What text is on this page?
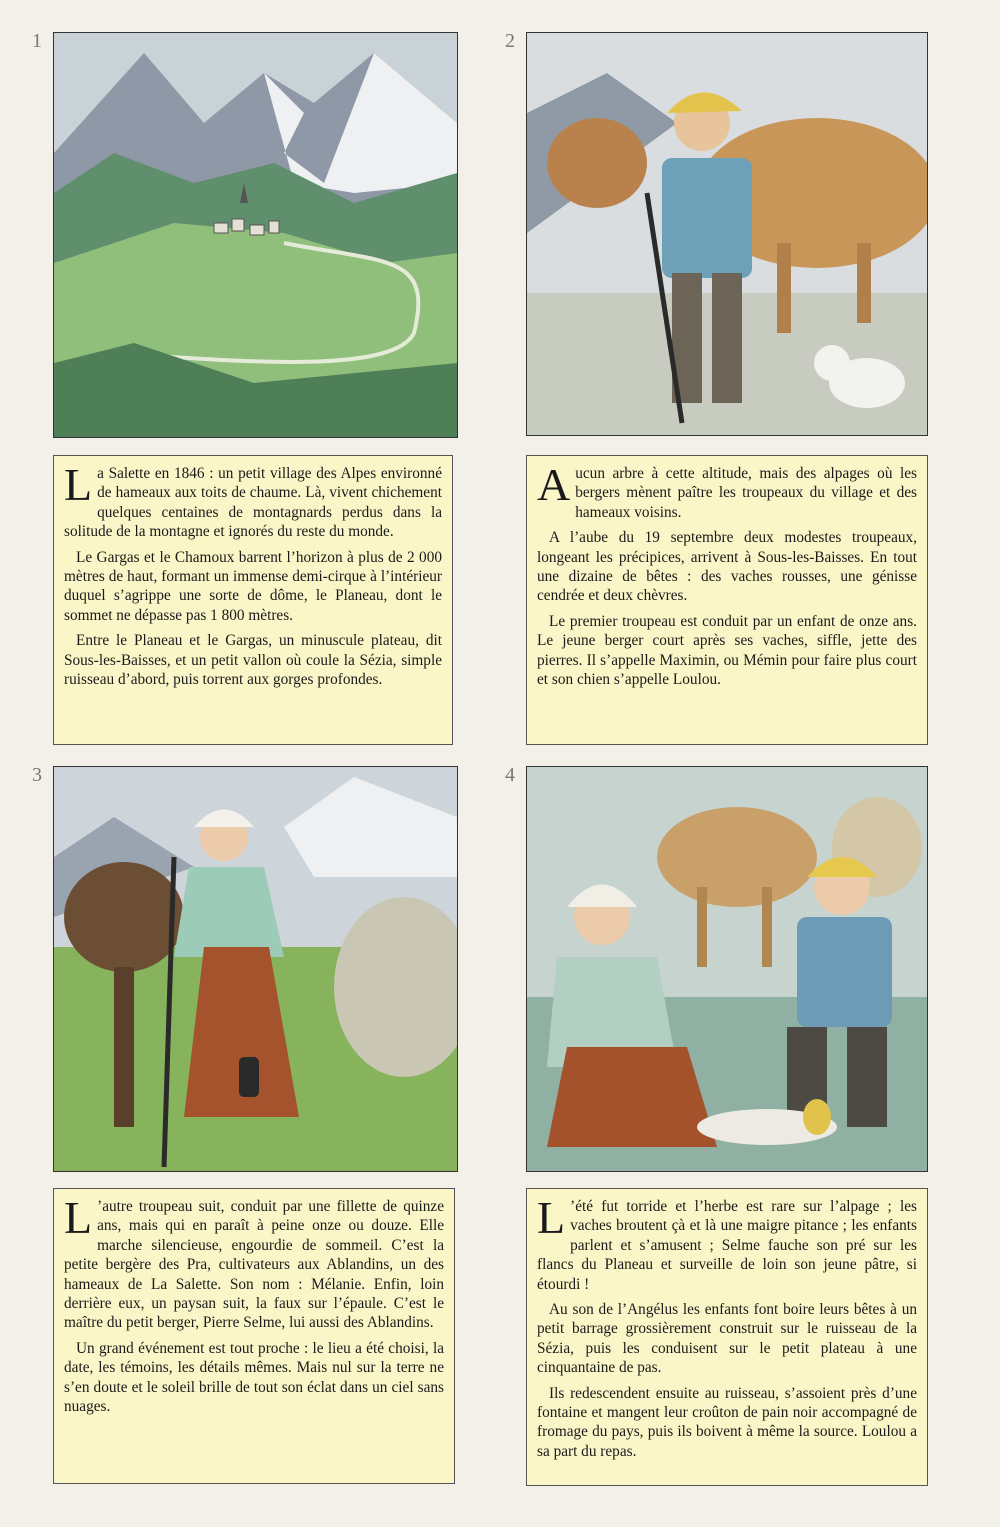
1	2
3	4

La Salette en 1846 : un petit village des Alpes environné de hameaux aux toits de chaume. Là, vivent chichement quelques centaines de montagnards perdus dans la solitude de la montagne et ignorés du reste du monde.

Le Gargas et le Chamoux barrent l’horizon à plus de 2 000 mètres de haut, formant un immense demi-cirque à l’intérieur duquel s’agrippe une sorte de dôme, le Planeau, dont le sommet ne dépasse pas 1 800 mètres.

Entre le Planeau et le Gargas, un minuscule plateau, dit Sous-les-Baisses, et un petit vallon où coule la Sézia, simple ruisseau d’abord, puis torrent aux gorges profondes.

Aucun arbre à cette altitude, mais des alpages où les bergers mènent paître les troupeaux du village et des hameaux voisins.

A l’aube du 19 septembre deux modestes troupeaux, longeant les précipices, arrivent à Sous-les-Baisses. En tout une dizaine de bêtes : des vaches rousses, une génisse cendrée et deux chèvres.

Le premier troupeau est conduit par un enfant de onze ans. Le jeune berger court après ses vaches, siffle, jette des pierres. Il s’appelle Maximin, ou Mémin pour faire plus court et son chien s’appelle Loulou.

L ’autre troupeau suit, conduit par une fillette de quinze ans, mais qui en paraît à peine onze ou douze. Elle marche silencieuse, engourdie de sommeil. C’est la petite bergère des Pra, cultivateurs aux Ablandins, un des hameaux de La Salette. Son nom : Mélanie. Enfin, loin derrière eux, un paysan suit, la faux sur l’épaule. C’est le maître du petit berger, Pierre Selme, lui aussi des Ablandins.

Un grand événement est tout proche : le lieu a été choisi, la date, les témoins, les détails mêmes. Mais nul sur la terre ne s’en doute et le soleil brille de tout son éclat dans un ciel sans nuages.

L ’été fut torride et l’herbe est rare sur l’alpage ; les vaches broutent çà et là une maigre pitance ; les enfants parlent et s’amusent ; Selme fauche son pré sur les flancs du Planeau et surveille de loin son jeune pâtre, si étourdi !

Au son de l’Angélus les enfants font boire leurs bêtes à un petit barrage grossièrement construit sur le ruisseau de la Sézia, puis les conduisent sur le petit plateau à une cinquantaine de pas.

Ils redescendent ensuite au ruisseau, s’assoient près d’une fontaine et mangent leur croûton de pain noir accompagné de fromage du pays, puis ils boivent à même la source. Loulou a sa part du repas.
